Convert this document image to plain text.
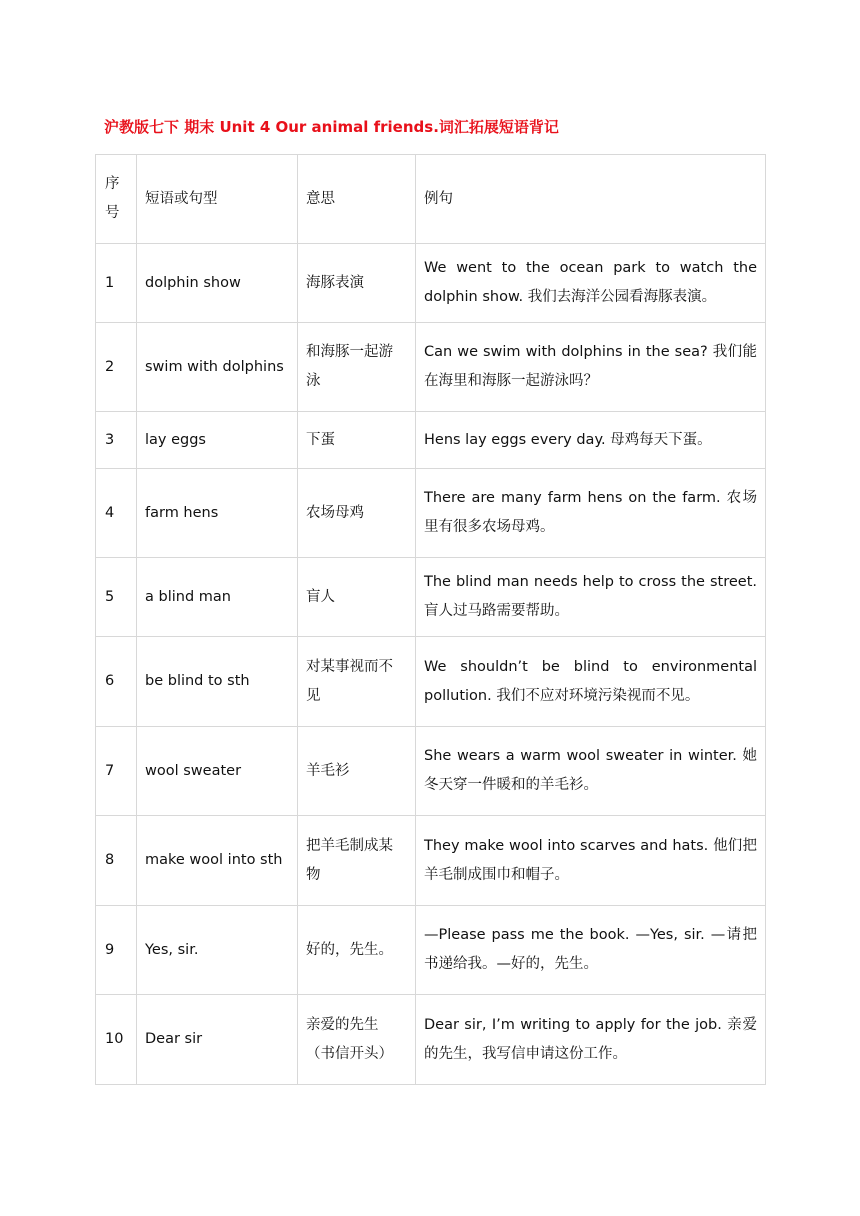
沪教版七下 期末 Unit 4 Our animal friends.词汇拓展短语背记
序号	短语或句型	意思	例句
1	dolphin show	海豚表演	We went to the ocean park to watch the dolphin show. 我们去海洋公园看海豚表演。
2	swim with dolphins	和海豚一起游泳	Can we swim with dolphins in the sea? 我们能在海里和海豚一起游泳吗？
3	lay eggs	下蛋	Hens lay eggs every day. 母鸡每天下蛋。
4	farm hens	农场母鸡	There are many farm hens on the farm. 农场里有很多农场母鸡。
5	a blind man	盲人	The blind man needs help to cross the street. 盲人过马路需要帮助。
6	be blind to sth	对某事视而不见	We shouldn’t be blind to environmental pollution. 我们不应对环境污染视而不见。
7	wool sweater	羊毛衫	She wears a warm wool sweater in winter. 她冬天穿一件暖和的羊毛衫。
8	make wool into sth	把羊毛制成某物	They make wool into scarves and hats. 他们把羊毛制成围巾和帽子。
9	Yes, sir.	好的，先生。	—Please pass me the book. —Yes, sir. —请把书递给我。—好的，先生。
10	Dear sir	亲爱的先生（书信开头）	Dear sir, I’m writing to apply for the job. 亲爱的先生，我写信申请这份工作。
